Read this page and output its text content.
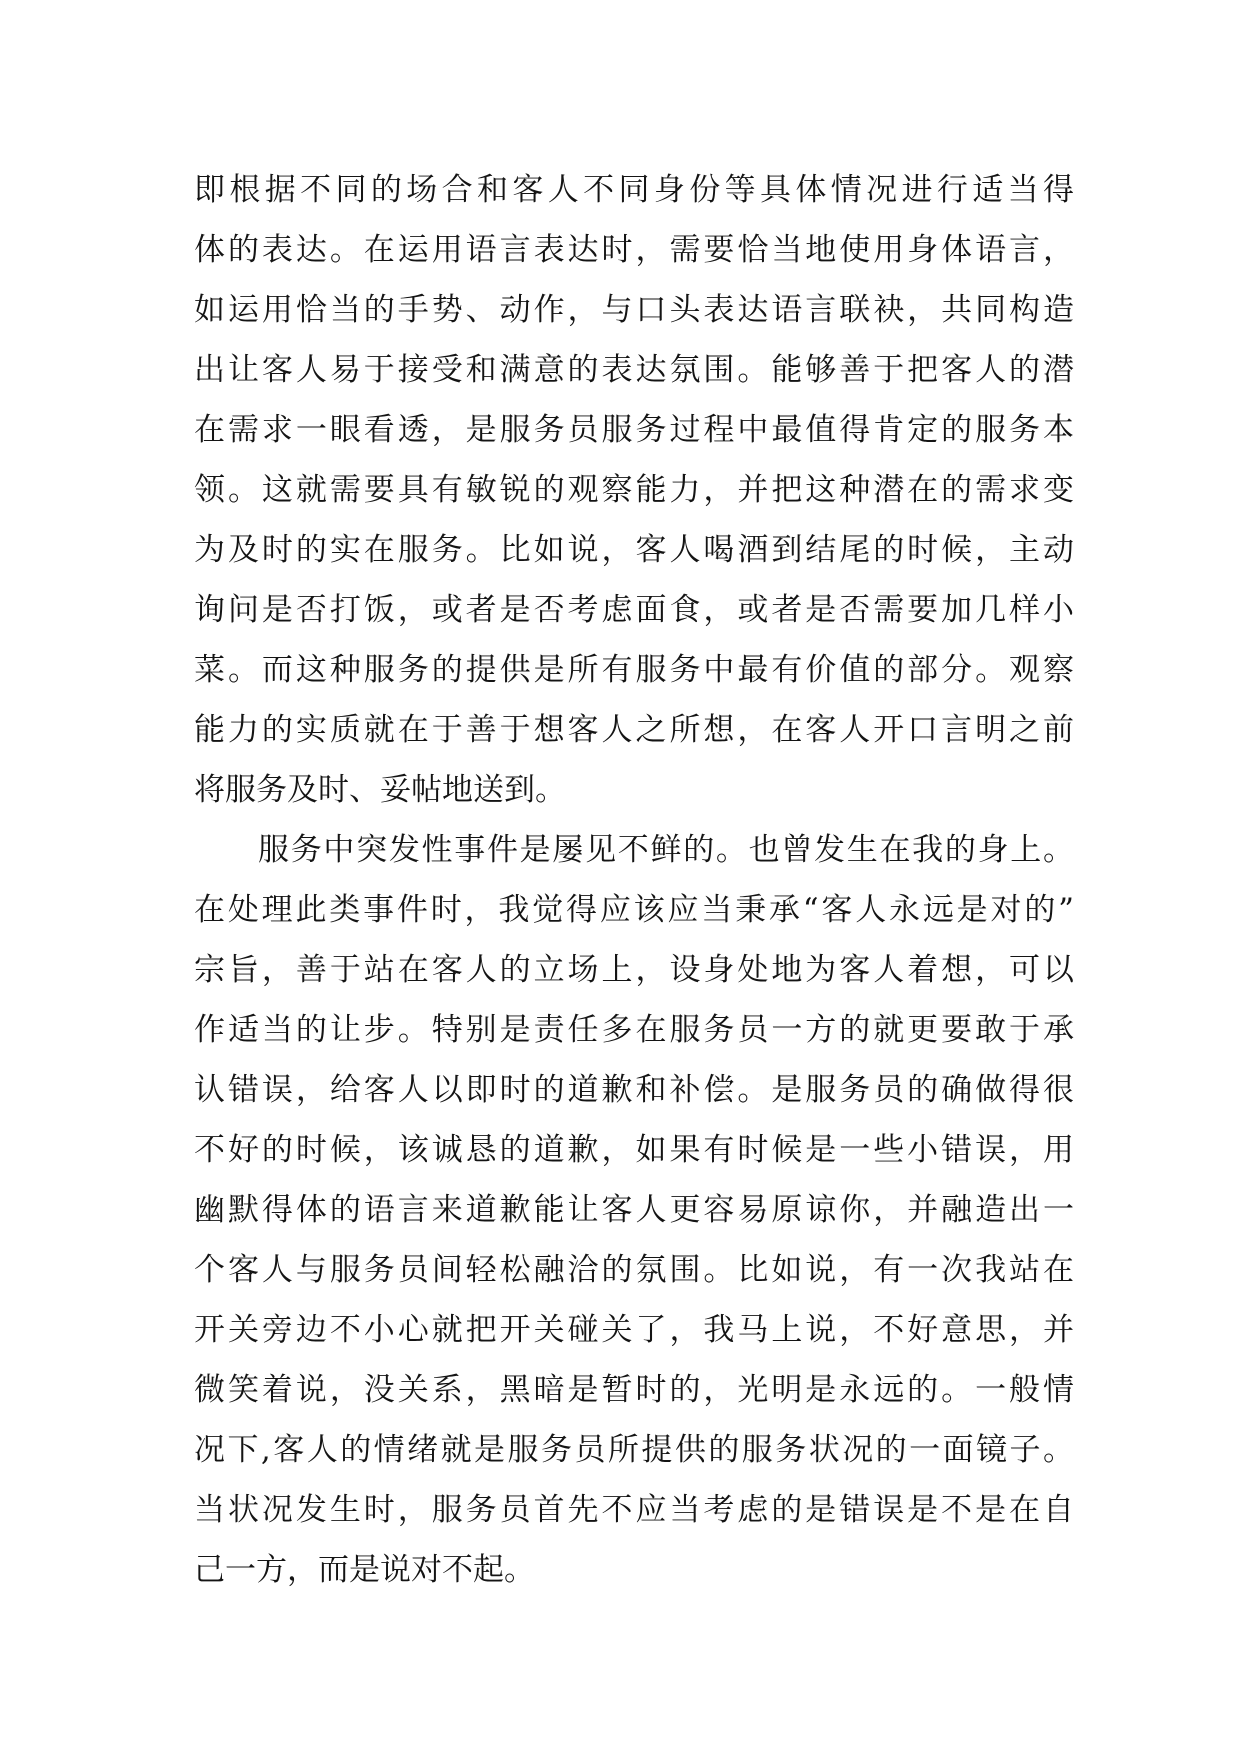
即根据不同的场合和客人不同身份等具体情况进行适当得
体的表达。在运用语言表达时，需要恰当地使用身体语言，
如运用恰当的手势、动作，与口头表达语言联袂，共同构造
出让客人易于接受和满意的表达氛围。能够善于把客人的潜
在需求一眼看透，是服务员服务过程中最值得肯定的服务本
领。这就需要具有敏锐的观察能力，并把这种潜在的需求变
为及时的实在服务。比如说，客人喝酒到结尾的时候，主动
询问是否打饭，或者是否考虑面食，或者是否需要加几样小
菜。而这种服务的提供是所有服务中最有价值的部分。观察
能力的实质就在于善于想客人之所想，在客人开口言明之前
将服务及时、妥帖地送到。
服务中突发性事件是屡见不鲜的。也曾发生在我的身上。
在处理此类事件时，我觉得应该应当秉承“客人永远是对的”
宗旨，善于站在客人的立场上，设身处地为客人着想，可以
作适当的让步。特别是责任多在服务员一方的就更要敢于承
认错误，给客人以即时的道歉和补偿。是服务员的确做得很
不好的时候，该诚恳的道歉，如果有时候是一些小错误，用
幽默得体的语言来道歉能让客人更容易原谅你，并融造出一
个客人与服务员间轻松融洽的氛围。比如说，有一次我站在
开关旁边不小心就把开关碰关了，我马上说，不好意思，并
微笑着说，没关系，黑暗是暂时的，光明是永远的。一般情
况下,客人的情绪就是服务员所提供的服务状况的一面镜子。
当状况发生时，服务员首先不应当考虑的是错误是不是在自
己一方，而是说对不起。
